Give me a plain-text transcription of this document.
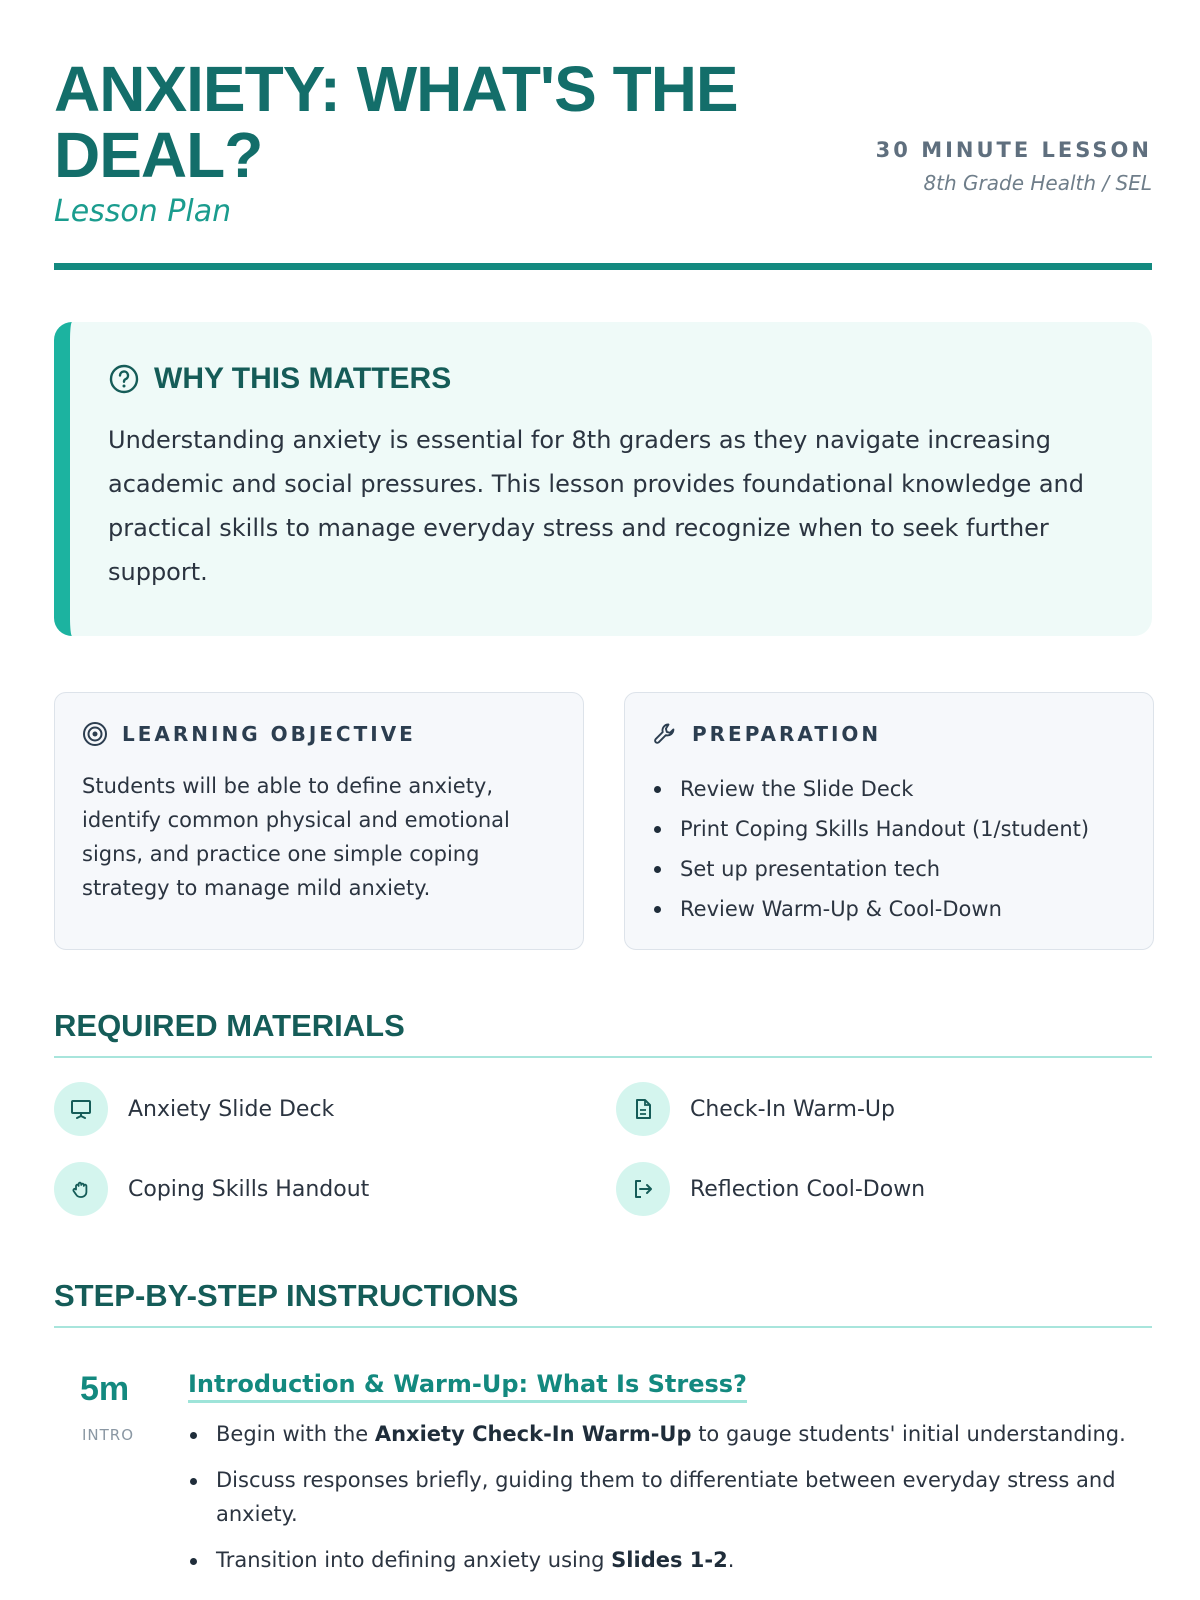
ANXIETY: WHAT'S THE DEAL?
Lesson Plan
30 MINUTE LESSON
8th Grade Health / SEL
WHY THIS MATTERS

Understanding anxiety is essential for 8th graders as they navigate increasing academic and social pressures. This lesson provides foundational knowledge and practical skills to manage everyday stress and recognize when to seek further support.

LEARNING OBJECTIVE

Students will be able to define anxiety, identify common physical and emotional signs, and practice one simple coping strategy to manage mild anxiety.

PREPARATION
Review the Slide Deck
Print Coping Skills Handout (1/student)
Set up presentation tech
Review Warm-Up & Cool-Down
REQUIRED MATERIALS
Anxiety Slide Deck	Check-In Warm-Up
Coping Skills Handout	Reflection Cool-Down
STEP-BY-STEP INSTRUCTIONS
5m
INTRO
Introduction & Warm-Up: What Is Stress?
Begin with the Anxiety Check-In Warm-Up to gauge students' initial understanding.
Discuss responses briefly, guiding them to differentiate between everyday stress and anxiety.
Transition into defining anxiety using Slides 1-2.
